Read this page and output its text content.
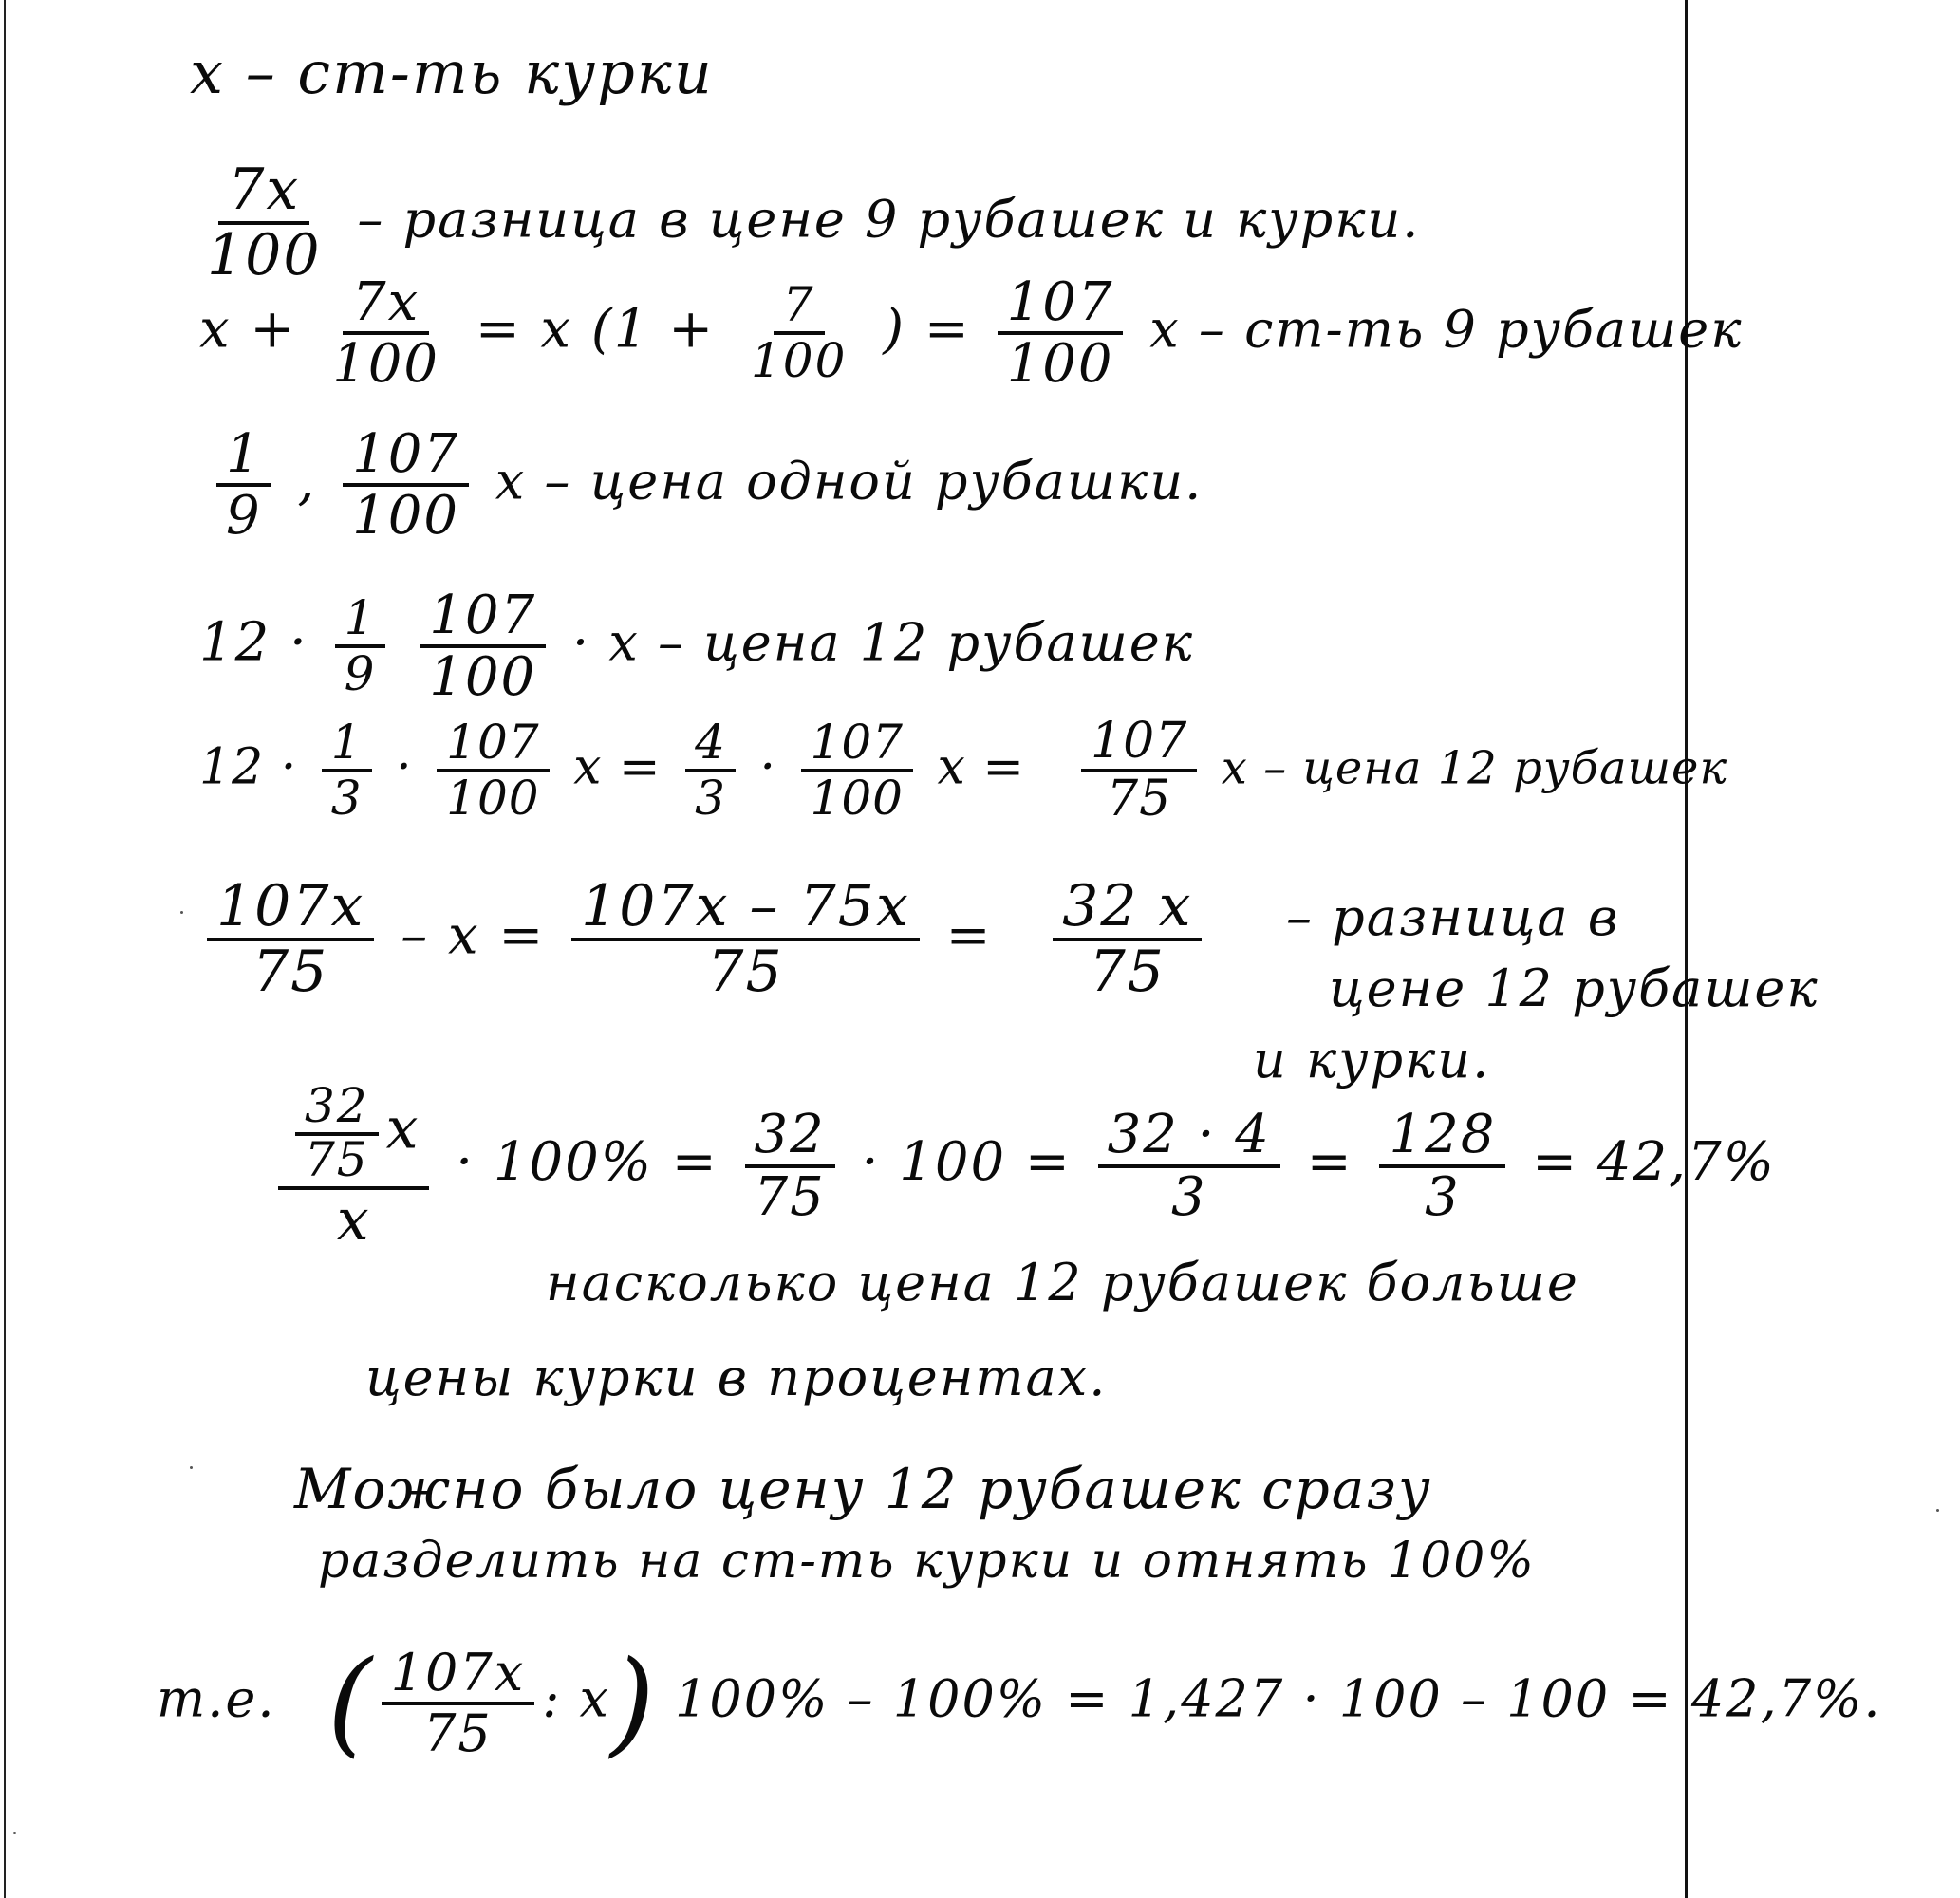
x – ст-ть курки
$\frac{7x}{100}$ – разница в цене 9 рубашек и курки.
$x + \frac{7x}{100} = x$ ($1 + \frac{7}{100}$ ) = $\frac{107}{100}$ x – ст-ть 9 рубашек
$\frac{1}{9}$ , $\frac{107}{100}$ x – цена одной рубашки.
$12 \cdot \frac{1}{9}$
$\frac{107}{100} \cdot x$ – цена 12 рубашек
$12 \cdot \frac{1}{3} \cdot \frac{107}{100}$ $x = \frac{4}{3} \cdot \frac{107}{100}$ $x = \frac{107}{75}$ x – цена 12 рубашек
$\frac{107x}{75} - x = \frac{107x - 75x}{75} = \frac{32 x}{75}$ – разница в
цене 12 рубашек
и курки.
$\frac{\frac{32}{75} x}{x} \cdot 100\% = \frac{32}{75} \cdot 100 = \frac{32 \cdot 4}{3} = \frac{128}{3} = 42,7\%$
насколько цена 12 рубашек больше
цены курки в процентах.
Можно было цену 12 рубашек сразу
разделить на ст-ть курки и отнять 100%
т.е. ( $\frac{107x}{75}$ : x) 100% – 100% = 1,427 · 100 – 100 = 42,7%.
